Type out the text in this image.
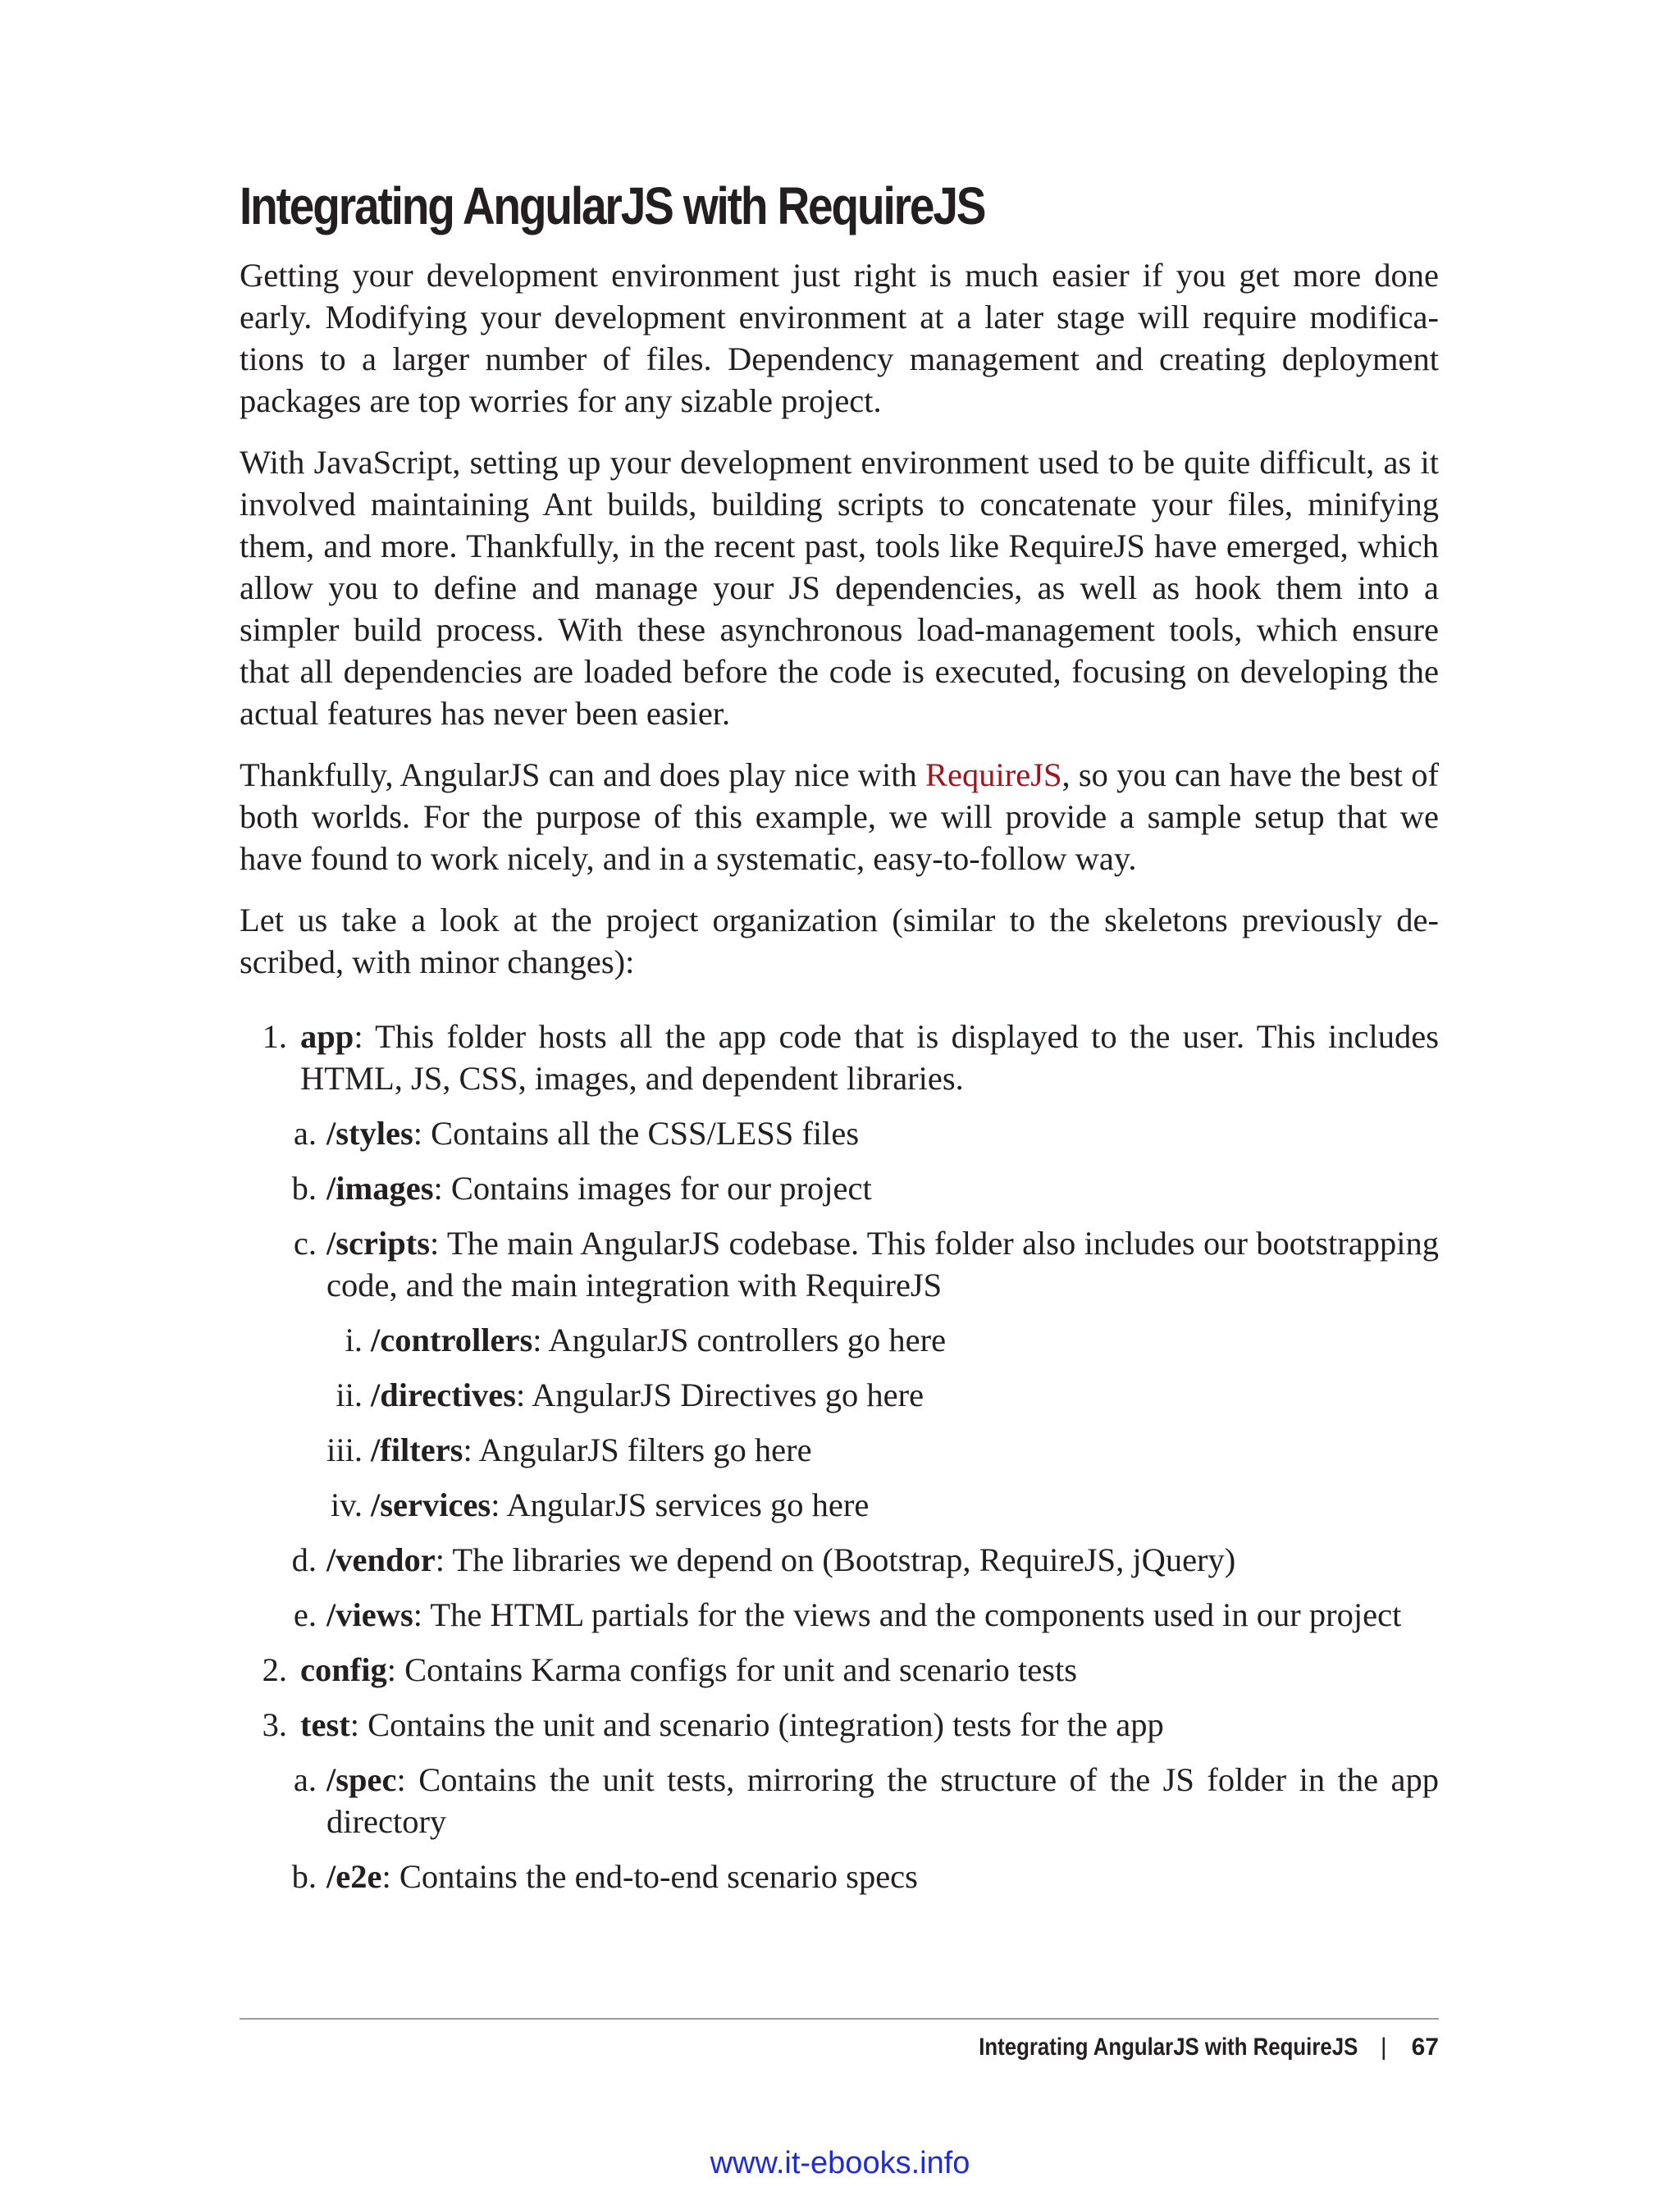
Integrating AngularJS with RequireJS

Getting your development environment just right is much easier if you get more done early. Modifying your development environment at a later stage will require modifications to a larger number of files. Dependency management and creating deployment packages are top worries for any sizable project.

With JavaScript, setting up your development environment used to be quite difficult, as it involved maintaining Ant builds, building scripts to concatenate your files, minifying them, and more. Thankfully, in the recent past, tools like RequireJS have emerged, which allow you to define and manage your JS dependencies, as well as hook them into a simpler build process. With these asynchronous load-management tools, which ensure that all dependencies are loaded before the code is executed, focusing on developing the actual features has never been easier.

Thankfully, AngularJS can and does play nice with RequireJS, so you can have the best of both worlds. For the purpose of this example, we will provide a sample setup that we have found to work nicely, and in a systematic, easy-to-follow way.

Let us take a look at the project organization (similar to the skeletons previously described, with minor changes):

1. app: This folder hosts all the app code that is displayed to the user. This includes HTML, JS, CSS, images, and dependent libraries.
a. /styles: Contains all the CSS/LESS files
b. /images: Contains images for our project
c. /scripts: The main AngularJS codebase. This folder also includes our bootstrapping code, and the main integration with RequireJS
i. /controllers: AngularJS controllers go here
ii. /directives: AngularJS Directives go here
iii. /filters: AngularJS filters go here
iv. /services: AngularJS services go here
d. /vendor: The libraries we depend on (Bootstrap, RequireJS, jQuery)
e. /views: The HTML partials for the views and the components used in our project
2. config: Contains Karma configs for unit and scenario tests
3. test: Contains the unit and scenario (integration) tests for the app
a. /spec: Contains the unit tests, mirroring the structure of the JS folder in the app directory
b. /e2e: Contains the end-to-end scenario specs
Integrating AngularJS with RequireJS | 67
www.it-ebooks.info
